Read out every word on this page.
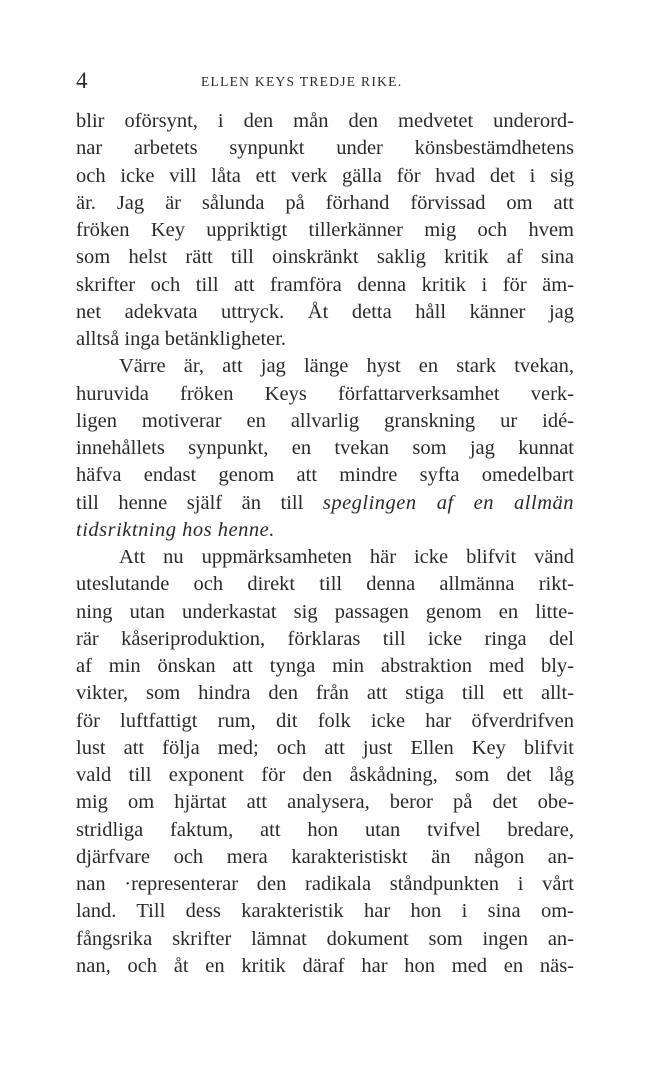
4	ELLEN KEYS TREDJE RIKE.
blir oförsynt, i den mån den medvetet underord-
nar arbetets synpunkt under könsbestämdhetens
och icke vill låta ett verk gälla för hvad det i sig
är. Jag är sålunda på förhand förvissad om att
fröken Key uppriktigt tillerkänner mig och hvem
som helst rätt till oinskränkt saklig kritik af sina
skrifter och till att framföra denna kritik i för äm-
net adekvata uttryck. Åt detta håll känner jag
alltså inga betänkligheter.
Värre är, att jag länge hyst en stark tvekan,
huruvida fröken Keys författarverksamhet verk-
ligen motiverar en allvarlig granskning ur idé-
innehållets synpunkt, en tvekan som jag kunnat
häfva endast genom att mindre syfta omedelbart
till henne själf än till speglingen af en allmän
tidsriktning hos henne.
Att nu uppmärksamheten här icke blifvit vänd
uteslutande och direkt till denna allmänna rikt-
ning utan underkastat sig passagen genom en litte-
rär kåseriproduktion, förklaras till icke ringa del
af min önskan att tynga min abstraktion med bly-
vikter, som hindra den från att stiga till ett allt-
för luftfattigt rum, dit folk icke har öfverdrifven
lust att följa med; och att just Ellen Key blifvit
vald till exponent för den åskådning, som det låg
mig om hjärtat att analysera, beror på det obe-
stridliga faktum, att hon utan tvifvel bredare,
djärfvare och mera karakteristiskt än någon an-
nan ·representerar den radikala ståndpunkten i vårt
land. Till dess karakteristik har hon i sina om-
fångsrika skrifter lämnat dokument som ingen an-
nan, och åt en kritik däraf har hon med en näs-
